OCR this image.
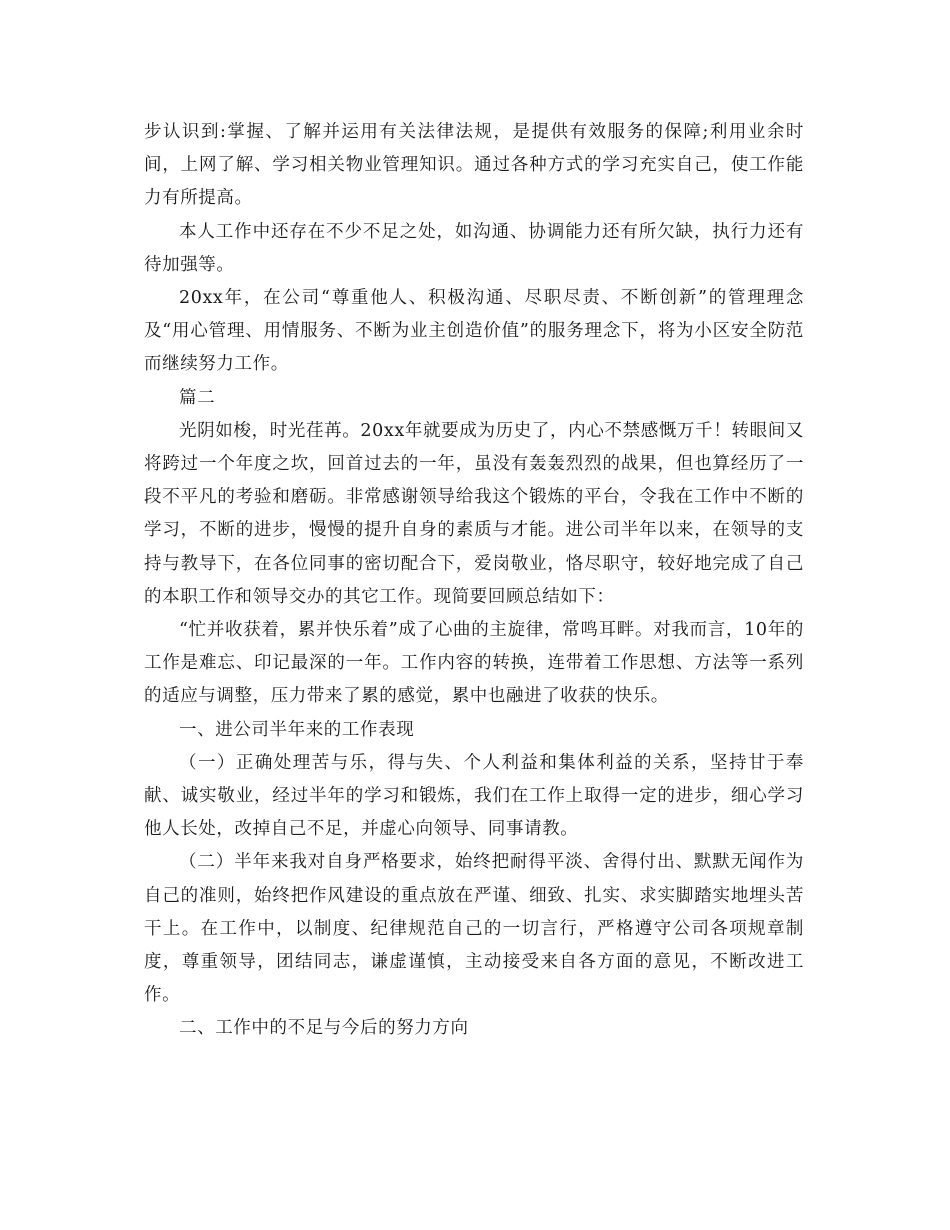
步认识到:掌握、了解并运用有关法律法规，是提供有效服务的保障;利用业余时间，上网了解、学习相关物业管理知识。通过各种方式的学习充实自己，使工作能力有所提高。

本人工作中还存在不少不足之处，如沟通、协调能力还有所欠缺，执行力还有待加强等。

20xx年，在公司“尊重他人、积极沟通、尽职尽责、不断创新”的管理理念及“用心管理、用情服务、不断为业主创造价值”的服务理念下，将为小区安全防范而继续努力工作。

篇二

光阴如梭，时光荏苒。20xx年就要成为历史了，内心不禁感慨万千！转眼间又将跨过一个年度之坎，回首过去的一年，虽没有轰轰烈烈的战果，但也算经历了一段不平凡的考验和磨砺。非常感谢领导给我这个锻炼的平台，令我在工作中不断的学习，不断的进步，慢慢的提升自身的素质与才能。进公司半年以来，在领导的支持与教导下，在各位同事的密切配合下，爱岗敬业，恪尽职守，较好地完成了自己的本职工作和领导交办的其它工作。现简要回顾总结如下：

“忙并收获着，累并快乐着”成了心曲的主旋律，常鸣耳畔。对我而言，10年的工作是难忘、印记最深的一年。工作内容的转换，连带着工作思想、方法等一系列的适应与调整，压力带来了累的感觉，累中也融进了收获的快乐。

一、进公司半年来的工作表现

（一）正确处理苦与乐，得与失、个人利益和集体利益的关系，坚持甘于奉献、诚实敬业，经过半年的学习和锻炼，我们在工作上取得一定的进步，细心学习他人长处，改掉自己不足，并虚心向领导、同事请教。

（二）半年来我对自身严格要求，始终把耐得平淡、舍得付出、默默无闻作为自己的准则，始终把作风建设的重点放在严谨、细致、扎实、求实脚踏实地埋头苦干上。在工作中，以制度、纪律规范自己的一切言行，严格遵守公司各项规章制度，尊重领导，团结同志，谦虚谨慎，主动接受来自各方面的意见，不断改进工作。

二、工作中的不足与今后的努力方向
